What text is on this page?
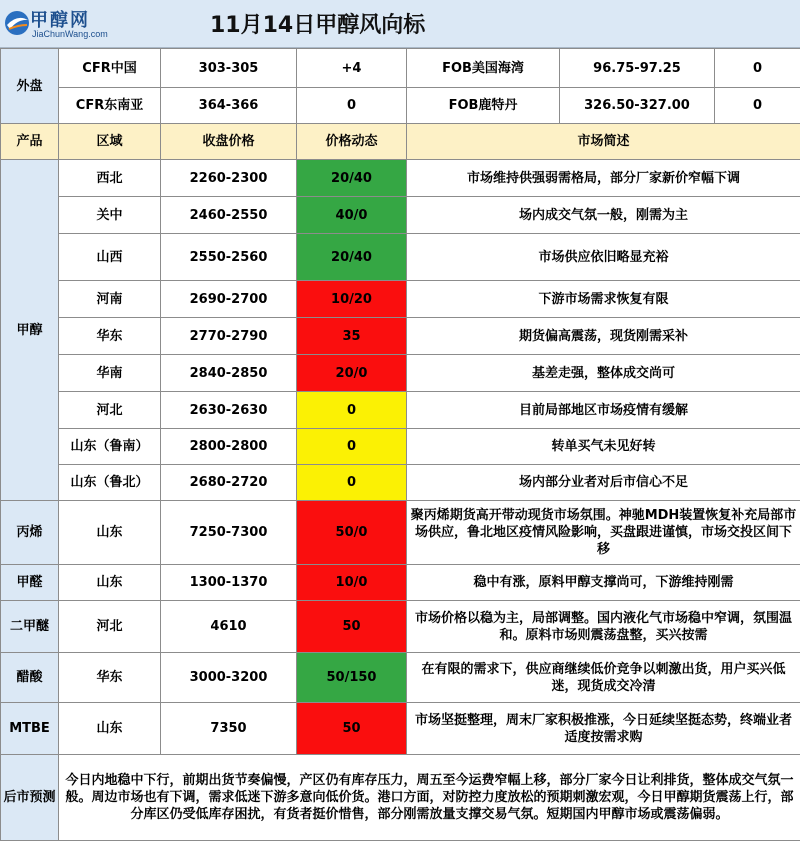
甲醇网
JiaChunWang.com	11月14日甲醇风向标
外盘	CFR中国	303-305	+4	FOB美国海湾	96.75-97.25	0
	CFR东南亚	364-366	0	FOB鹿特丹	326.50-327.00	0
产品	区域	收盘价格	价格动态	市场简述		
甲醇	西北	2260-2300	20/40	市场维持供强弱需格局，部分厂家新价窄幅下调		
	关中	2460-2550	40/0	场内成交气氛一般，刚需为主		
	山西	2550-2560	20/40	市场供应依旧略显充裕		
	河南	2690-2700	10/20	下游市场需求恢复有限		
	华东	2770-2790	35	期货偏高震荡，现货刚需采补		
	华南	2840-2850	20/0	基差走强，整体成交尚可		
	河北	2630-2630	0	目前局部地区市场疫情有缓解		
	山东（鲁南）	2800-2800	0	转单买气未见好转		
	山东（鲁北）	2680-2720	0	场内部分业者对后市信心不足		
丙烯	山东	7250-7300	50/0	聚丙烯期货高开带动现货市场氛围。神驰MDH装置恢复补充局部市场供应，鲁北地区疫情风险影响，买盘跟进谨慎，市场交投区间下移		
甲醛	山东	1300-1370	10/0	稳中有涨，原料甲醇支撑尚可，下游维持刚需		
二甲醚	河北	4610	50	市场价格以稳为主，局部调整。国内液化气市场稳中窄调，氛围温和。原料市场则震荡盘整，买兴按需		
醋酸	华东	3000-3200	50/150	在有限的需求下，供应商继续低价竞争以刺激出货，用户买兴低迷，现货成交冷清		
MTBE	山东	7350	50	市场坚挺整理，周末厂家积极推涨，今日延续坚挺态势，终端业者适度按需求购		
后市预测	今日内地稳中下行，前期出货节奏偏慢，产区仍有库存压力，周五至今运费窄幅上移，部分厂家今日让利排货，整体成交气氛一般。周边市场也有下调，需求低迷下游多意向低价货。港口方面，对防控力度放松的预期刺激宏观，今日甲醇期货震荡上行，部分库区仍受低库存困扰，有货者挺价惜售，部分刚需放量支撑交易气氛。短期国内甲醇市场或震荡偏弱。					
